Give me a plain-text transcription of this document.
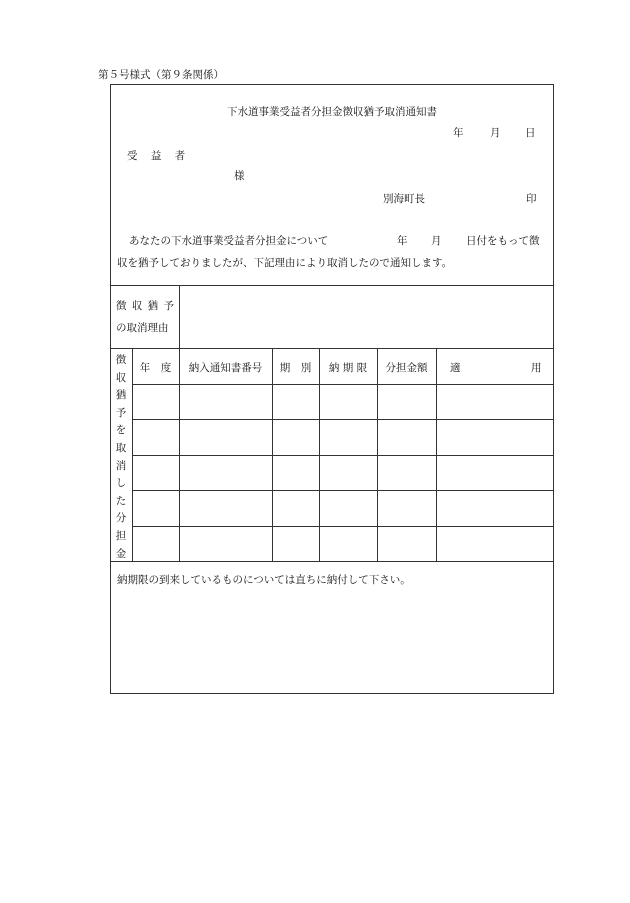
第５号様式（第９条関係）
下水道事業受益者分担金徴収猶予取消通知書
年	月 日
受 益 者
様
別海町長	印
あなたの下水道事業受益者分担金について	年 月 日付をもって徴
収を猶予しておりましたが、下記理由により取消したので通知します。
徴 収 猶 予
の取消理由
徴
収
猶
予
を
取
消
し
た
分
担
金
年　度	納入通知書番号	期　別	納 期 限	分担金額	適	用
納期限の到来しているものについては直ちに納付して下さい。
